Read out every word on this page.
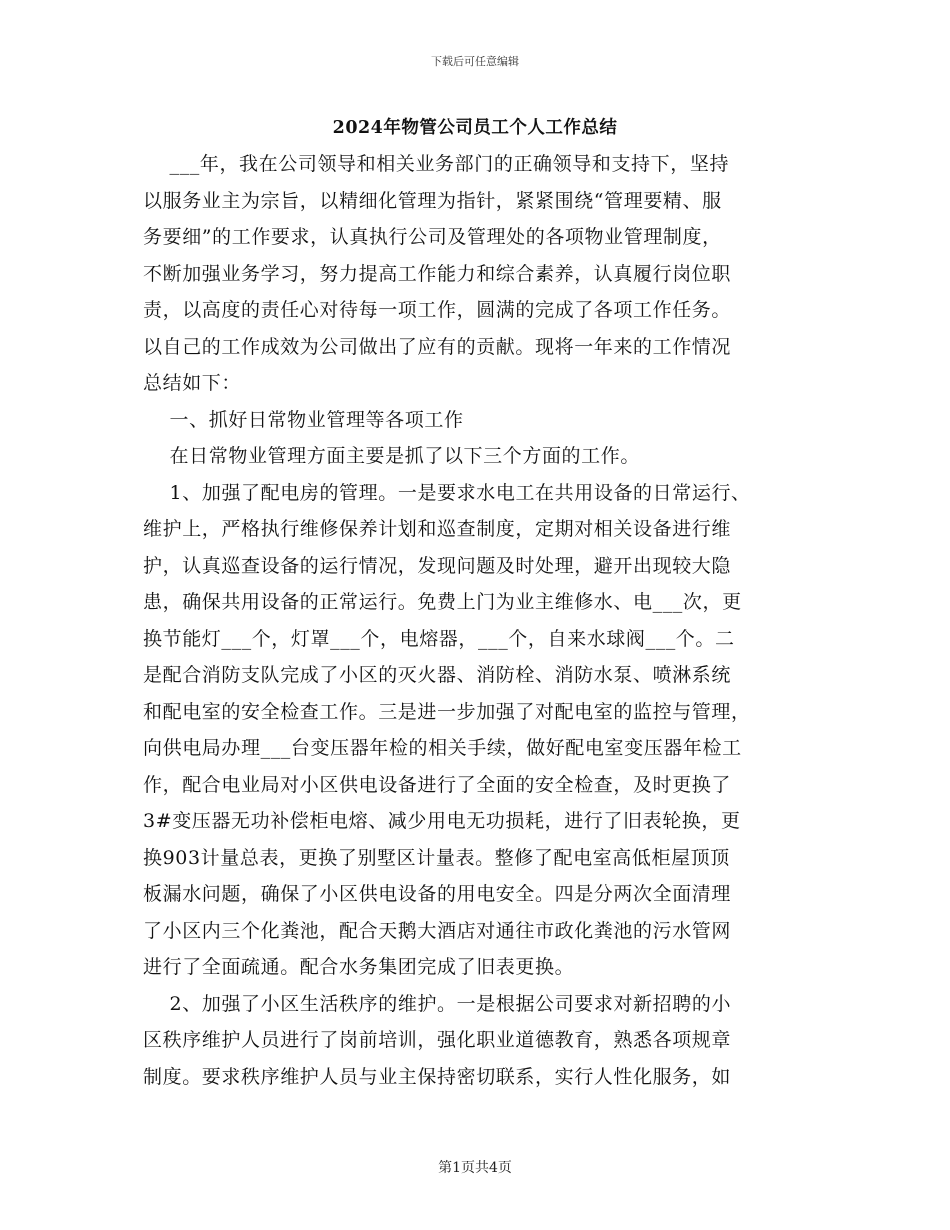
下载后可任意编辑
2024年物管公司员工个人工作总结
___年，我在公司领导和相关业务部门的正确领导和支持下，坚持
以服务业主为宗旨，以精细化管理为指针，紧紧围绕“管理要精、服
务要细”的工作要求，认真执行公司及管理处的各项物业管理制度，
不断加强业务学习，努力提高工作能力和综合素养，认真履行岗位职
责，以高度的责任心对待每一项工作，圆满的完成了各项工作任务。
以自己的工作成效为公司做出了应有的贡献。现将一年来的工作情况
总结如下：
一、抓好日常物业管理等各项工作
在日常物业管理方面主要是抓了以下三个方面的工作。
1、加强了配电房的管理。一是要求水电工在共用设备的日常运行、
维护上，严格执行维修保养计划和巡查制度，定期对相关设备进行维
护，认真巡查设备的运行情况，发现问题及时处理，避开出现较大隐
患，确保共用设备的正常运行。免费上门为业主维修水、电___次，更
换节能灯___个，灯罩___个，电熔器，___个，自来水球阀___个。二
是配合消防支队完成了小区的灭火器、消防栓、消防水泵、喷淋系统
和配电室的安全检查工作。三是进一步加强了对配电室的监控与管理，
向供电局办理___台变压器年检的相关手续，做好配电室变压器年检工
作，配合电业局对小区供电设备进行了全面的安全检查，及时更换了
3#变压器无功补偿柜电熔、减少用电无功损耗，进行了旧表轮换，更
换903计量总表，更换了别墅区计量表。整修了配电室高低柜屋顶顶
板漏水问题，确保了小区供电设备的用电安全。四是分两次全面清理
了小区内三个化粪池，配合天鹅大酒店对通往市政化粪池的污水管网
进行了全面疏通。配合水务集团完成了旧表更换。
2、加强了小区生活秩序的维护。一是根据公司要求对新招聘的小
区秩序维护人员进行了岗前培训，强化职业道德教育，熟悉各项规章
制度。要求秩序维护人员与业主保持密切联系，实行人性化服务，如
第1页共4页
